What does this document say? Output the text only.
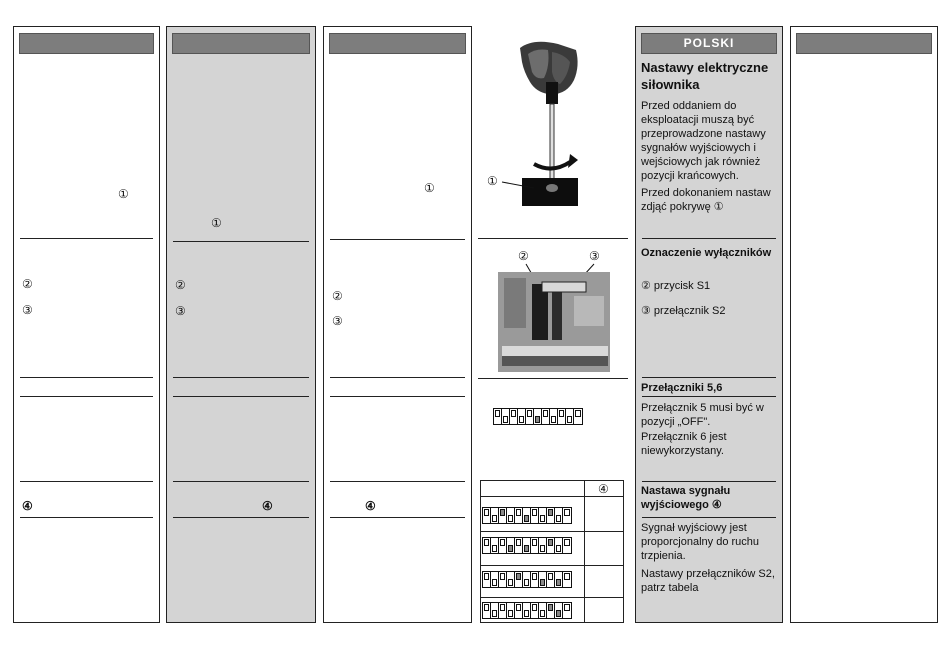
①
②
③
④
①
②
③
④
①
②
③
④
①
②	③
④
POLSKI
Nastawy elektryczne siłownika
Przed oddaniem do eksploatacji muszą być przeprowadzone nastawy sygnałów wyjściowych i wejściowych jak również pozycji krańcowych.
Przed dokonaniem nastaw zdjąć pokrywę ①
Oznaczenie wyłączników
② przycisk S1
③ przełącznik S2
Przełączniki 5,6
Przełącznik 5 musi być w pozycji „OFF".
Przełącznik 6 jest niewykorzystany.
Nastawa sygnału wyjściowego ④
Sygnał wyjściowy jest proporcjonalny do ruchu trzpienia.
Nastawy przełączników S2, patrz tabela
